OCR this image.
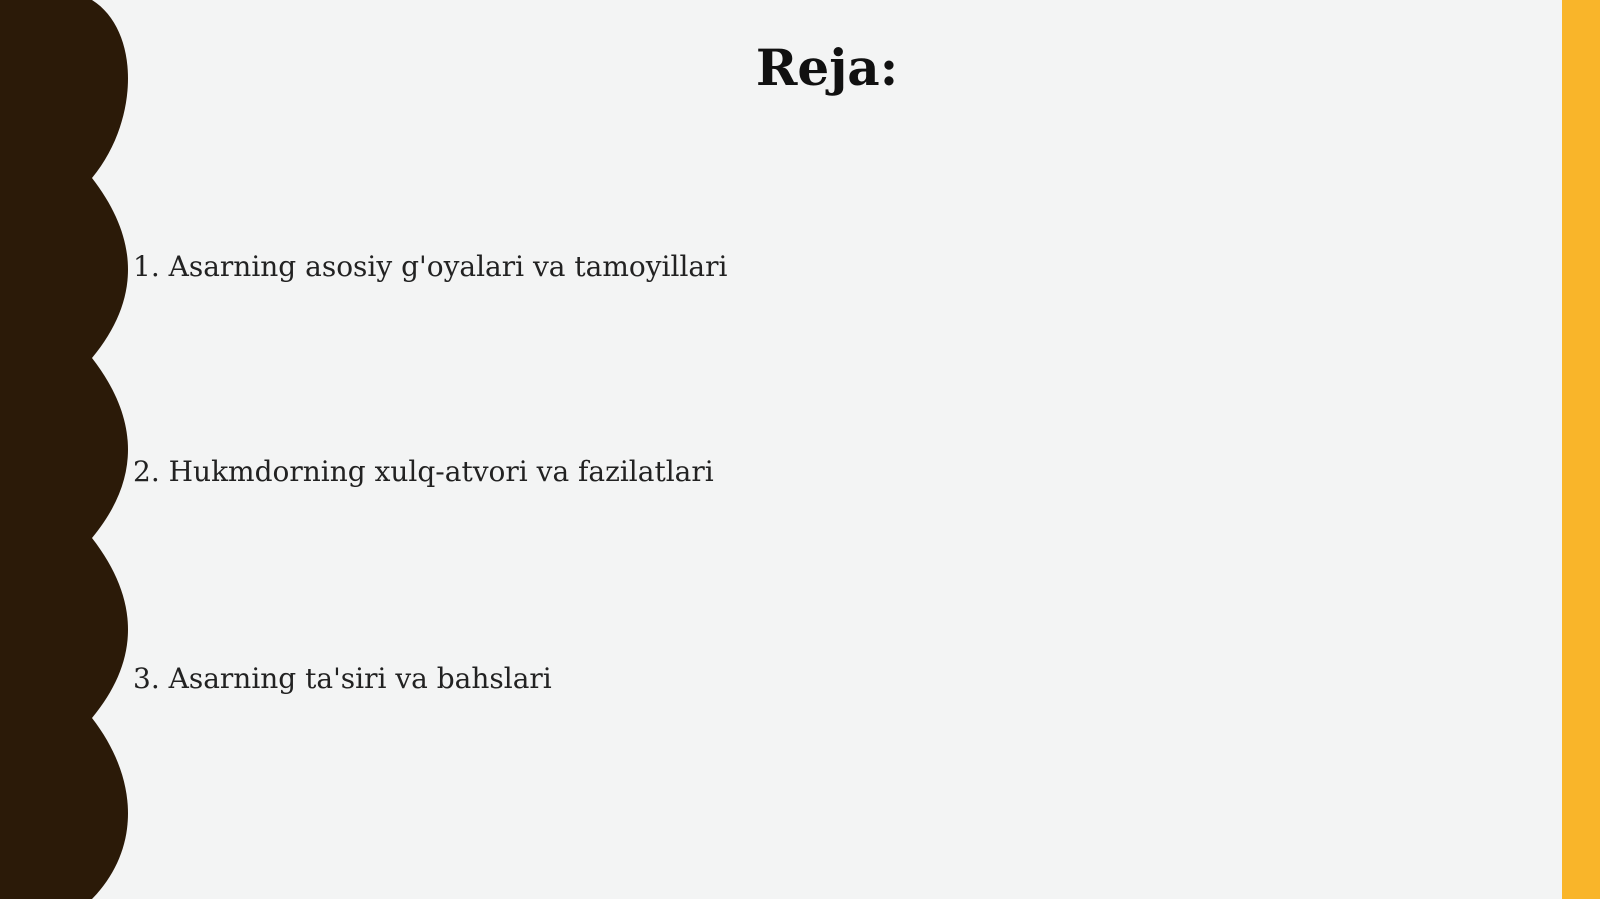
Reja:
1. Asarning asosiy g'oyalari va tamoyillari
2. Hukmdorning xulq-atvori va fazilatlari
3. Asarning ta'siri va bahslari
